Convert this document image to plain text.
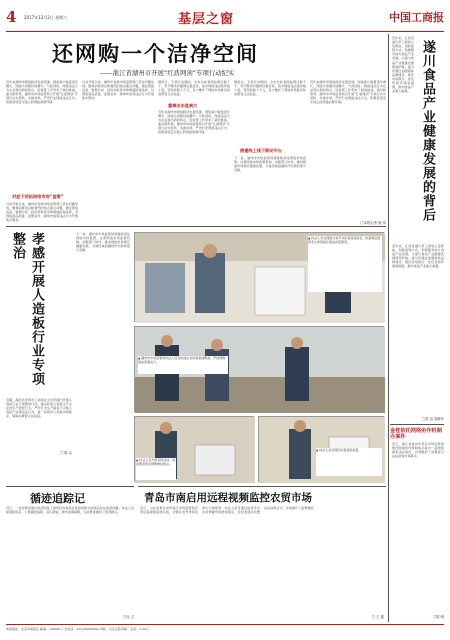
4 2017年12月2日 星期六	基层之窗	中国工商报
还网购一个洁净空间
——浙江省湖州市开展“红盾网剑”专项行动纪实
近年来湖州市网络经济发展迅速，网络商户数量逐年增长，网络交易额持续攀升。与此同时，网络违法行为也呈现出新的特点，给监管工作带来了新的挑战。面对新形势，湖州市市场监管局以开展“红盾网剑”专项行动为契机，多措并举，严厉打击网络违法行为，积极营造安全放心的网络消费环境。
对症下药拓网络市场“监管”
行动开展以来，湖州市各级市场监管部门坚持问题导向，聚焦消费者反映强烈的热点难点问题，通过网络巡查、数据分析、投诉举报等多种渠道排查线索，对网络商品质量、虚假宣传、刷单炒信等违法行为开展集中整治。
行动开展以来，湖州市各级市场监管部门坚持问题导向，聚焦消费者反映强烈的热点难点问题，通过网络巡查、数据分析、投诉举报等多种渠道排查线索，对网络商品质量、虚假宣传、刷单炒信等违法行为开展集中整治。
据统计，专项行动期间，全市共检查网站网店数千个，责令整改问题网店数百家，查办网络违法案件数十起，罚没款数十万元，有力维护了网络市场秩序和消费者合法权益。
重拳出击显威力
近年来湖州市网络经济发展迅速，网络商户数量逐年增长，网络交易额持续攀升。与此同时，网络违法行为也呈现出新的特点，给监管工作带来了新的挑战。面对新形势，湖州市市场监管局以开展“红盾网剑”专项行动为契机，多措并举，严厉打击网络违法行为，积极营造安全放心的网络消费环境。
据统计，专项行动期间，全市共检查网站网店数千个，责令整改问题网店数百家，查办网络违法案件数十起，罚没款数十万元，有力维护了网络市场秩序和消费者合法权益。
搭建线上线下联动平台
下一步，湖州市市场监管局将继续深化网络市场监管，完善网络市场监管机制，加强部门协作，推动网络市场规范健康发展，为建设诚信湖州作出新的更大贡献。
近年来湖州市网络经济发展迅速，网络商户数量逐年增长，网络交易额持续攀升。与此同时，网络违法行为也呈现出新的特点，给监管工作带来了新的挑战。面对新形势，湖州市市场监管局以开展“红盾网剑”专项行动为契机，多措并举，严厉打击网络违法行为，积极营造安全放心的网络消费环境。
□本报记者 施 伟
孝感开展人造板行业专项整治
近期，湖北省孝感市工商局在全市范围内开展人造板行业专项整治行动，重点检查人造板生产企业的生产经营行为，严厉打击生产销售不合格人造板产品等违法行为，进一步规范人造板市场秩序，保障消费者合法权益。
□ 陈 汉
▲ 执法人员在网络交易平台检查商品信息，核查网店经营者主体资格及商品质量情况。
▲ 湖州市市场监管局执法人员在快递企业检查寄递物品，严把网购商品流通关口。
▲ 执法人员开展宣传活动，向消费者普及网购维权知识。
▲ 执法人员在网店检查商品质量。
下一步，湖州市市场监管局将继续深化网络市场监管，完善网络市场监管机制，加强部门协作，推动网络市场规范健康发展，为建设诚信湖州作出新的更大贡献。
循迹追踪记
近日，一位消费者通过电话向某工商所投诉称其在某商场购买的商品存在质量问题。执法人员接到投诉后，立即循迹追踪，深入调查，最终查明真相，为消费者挽回了经济损失。
□杜 文
青岛市南启用远程视频监控农贸市场
近日，山东省青岛市市南区市场监管局启用远程视频监控系统，对辖区农贸市场实施全天候监管。执法人员可通过监控平台实时掌握市场经营秩序，及时发现并处置违法违规行为，有效提升了监管效能。
□ 王 健
近年来，江西省遂川县工商局立足职能，创新监管方式，积极服务地方食品产业发展，为遂川食品产业健康发展保驾护航。遂川县通过加强商标品牌建设、规范市场秩序、优化营商环境等措施，推动食品产业做大做强。 遂川食品产业健康发展的背后
近年来，江西省遂川县工商局立足职能，创新监管方式，积极服务地方食品产业发展，为遂川食品产业健康发展保驾护航。遂川县通过加强商标品牌建设、规范市场秩序、优化营商环境等措施，推动食品产业做大做强。
□刘 迅 邹晓华
金桂依托网络协作机制办案件
近日，浙江省杭州市某区市场监管局依托网络协作机制成功查办一起网络销售违法案件，有效维护了消费者合法权益和市场秩序。
□陈 明
本报地址：北京市海淀区 邮编：100000 广告电话：010-00000000 印刷：人民日报印刷厂 定价：1.00元
